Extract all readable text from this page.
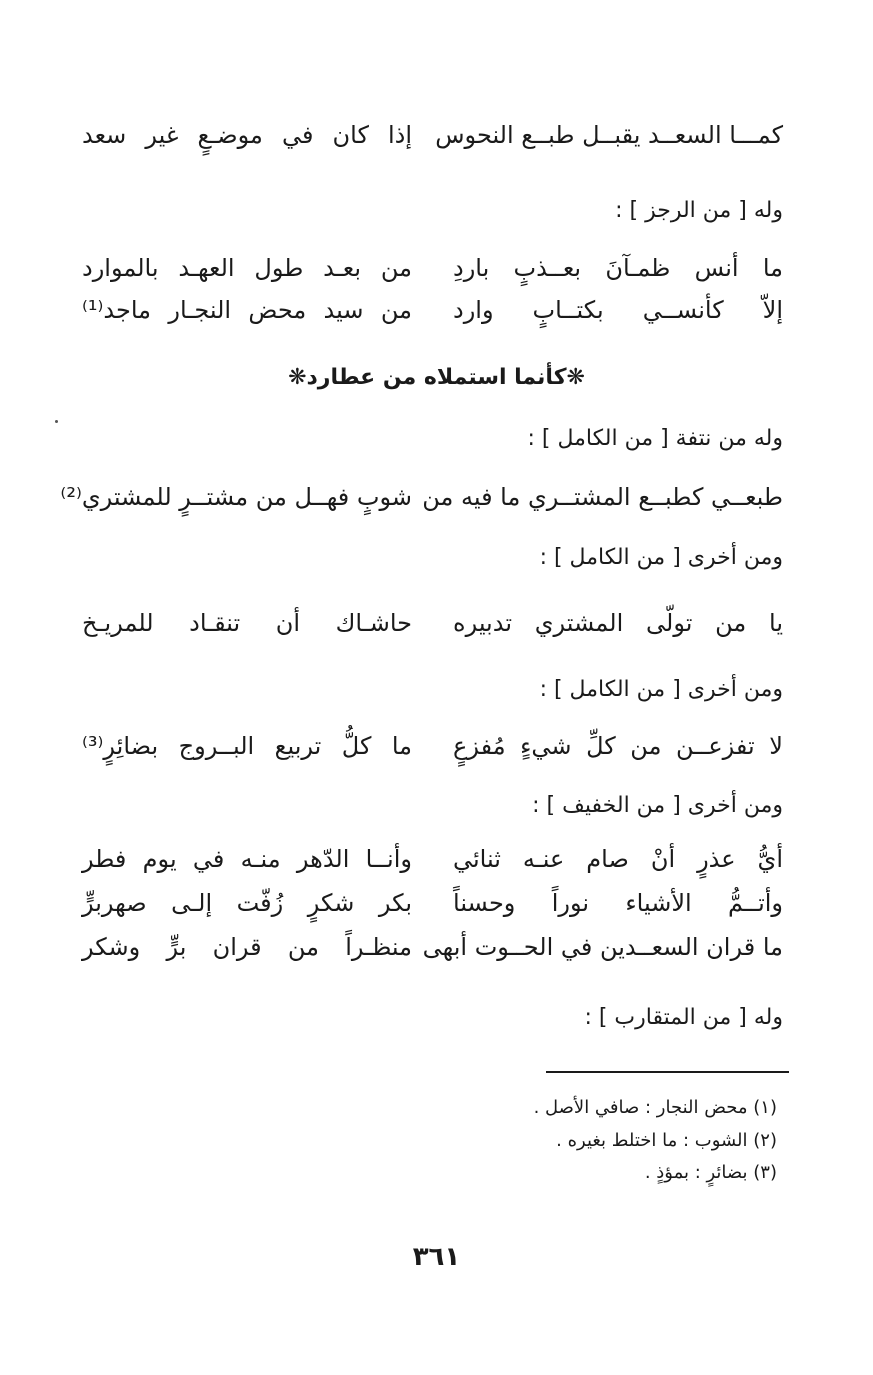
كمـــا السعــد يقبــل طبــع النحوس
إذا كان في موضـعٍ غير سعد
وله [ من الرجز ] :
ما أنس ظمـآنَ بعــذبٍ باردِ
من بعـد طول العهـد بالموارد
إلاّ كأنســي بكتــابٍ وارد
من سيد محض النجـار ماجد⁽¹⁾
❋كأنما استملاه من عطارد❋
وله من نتفة [ من الكامل ] :
طبعــي كطبــع المشتــري ما فيه من
شوبٍ فهــل من مشتــرٍ للمشتري⁽²⁾
ومن أخرى [ من الكامل ] :
يا من تولّى المشتري تدبيره
حاشـاك أن تنقـاد للمريـخ
ومن أخرى [ من الكامل ] :
لا تفزعــن من كلِّ شيءٍ مُفزعٍ
ما كلُّ تربيع البــروج بضائِرٍ⁽³⁾
ومن أخرى [ من الخفيف ] :
أيُّ عذرٍ أنْ صام عنـه ثنائي
وأنــا الدّهر منـه في يوم فطر
وأتــمُّ الأشياء نوراً وحسناً
بكر شكرٍ زُفّت إلـى صهربرٍّ
ما قران السعــدين في الحــوت أبهى
منظـراً من قران برٍّ وشكر
وله [ من المتقارب ] :
(١) محض النجار : صافي الأصل .
(٢) الشوب : ما اختلط بغيره .
(٣) بضائرٍ : بمؤذٍ .
٣٦١
